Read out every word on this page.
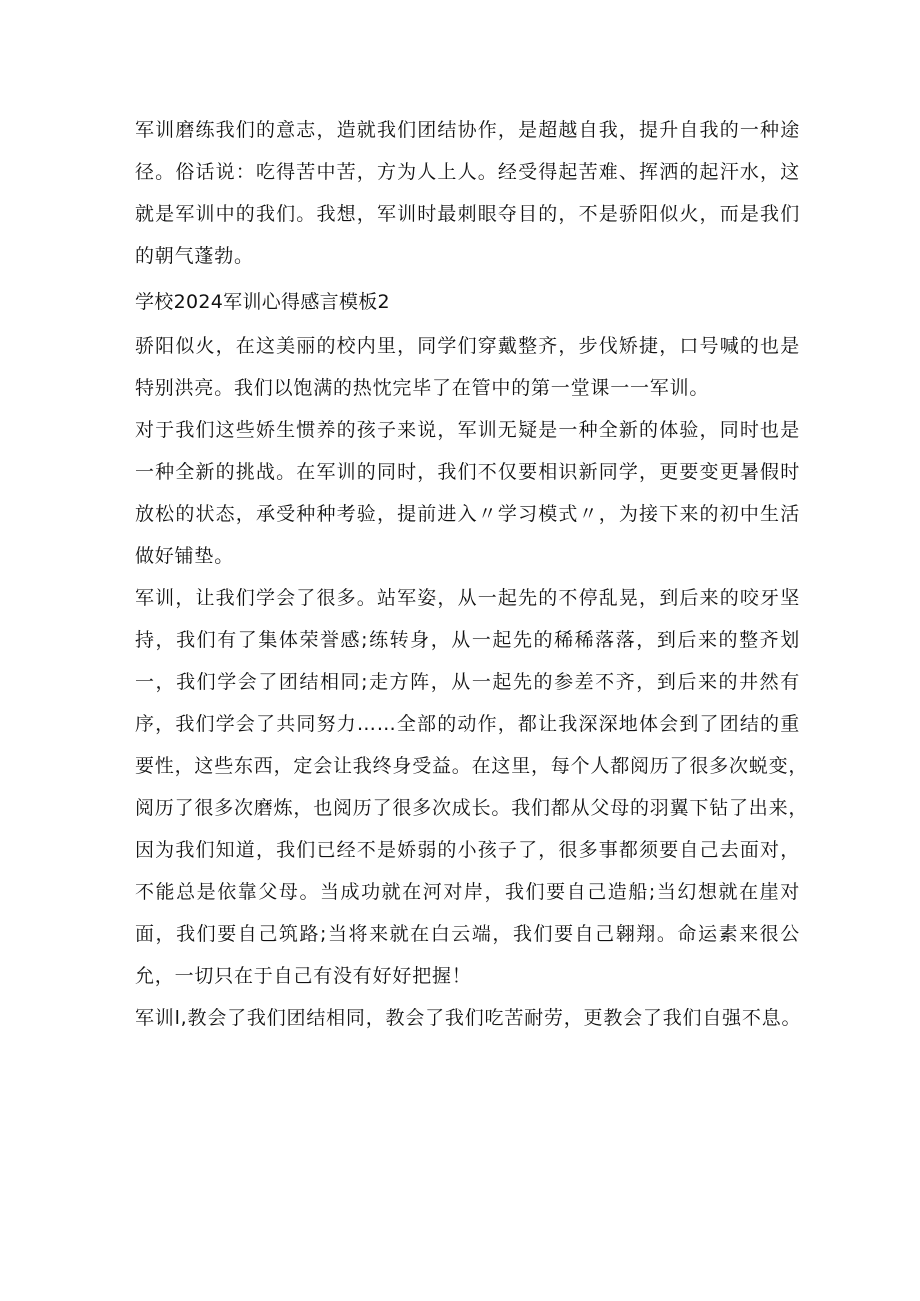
军训磨练我们的意志，造就我们团结协作，是超越自我，提升自我的一种途
径。俗话说：吃得苦中苦，方为人上人。经受得起苦难、挥洒的起汗水，这
就是军训中的我们。我想，军训时最刺眼夺目的，不是骄阳似火，而是我们
的朝气蓬勃。
学校2024军训心得感言模板2
骄阳似火，在这美丽的校内里，同学们穿戴整齐，步伐矫捷，口号喊的也是
特别洪亮。我们以饱满的热忱完毕了在管中的第一堂课一一军训。
对于我们这些娇生惯养的孩子来说，军训无疑是一种全新的体验，同时也是
一种全新的挑战。在军训的同时，我们不仅要相识新同学，更要变更暑假时
放松的状态，承受种种考验，提前进入〃学习模式〃，为接下来的初中生活
做好铺垫。
军训，让我们学会了很多。站军姿，从一起先的不停乱晃，到后来的咬牙坚
持，我们有了集体荣誉感;练转身，从一起先的稀稀落落，到后来的整齐划
一，我们学会了团结相同;走方阵，从一起先的参差不齐，到后来的井然有
序，我们学会了共同努力……全部的动作，都让我深深地体会到了团结的重
要性，这些东西，定会让我终身受益。在这里，每个人都阅历了很多次蜕变，
阅历了很多次磨炼，也阅历了很多次成长。我们都从父母的羽翼下钻了出来，
因为我们知道，我们已经不是娇弱的小孩子了，很多事都须要自己去面对，
不能总是依靠父母。当成功就在河对岸，我们要自己造船;当幻想就在崖对
面，我们要自己筑路;当将来就在白云端，我们要自己翱翔。命运素来很公
允，一切只在于自己有没有好好把握！
军训l,教会了我们团结相同，教会了我们吃苦耐劳，更教会了我们自强不息。
